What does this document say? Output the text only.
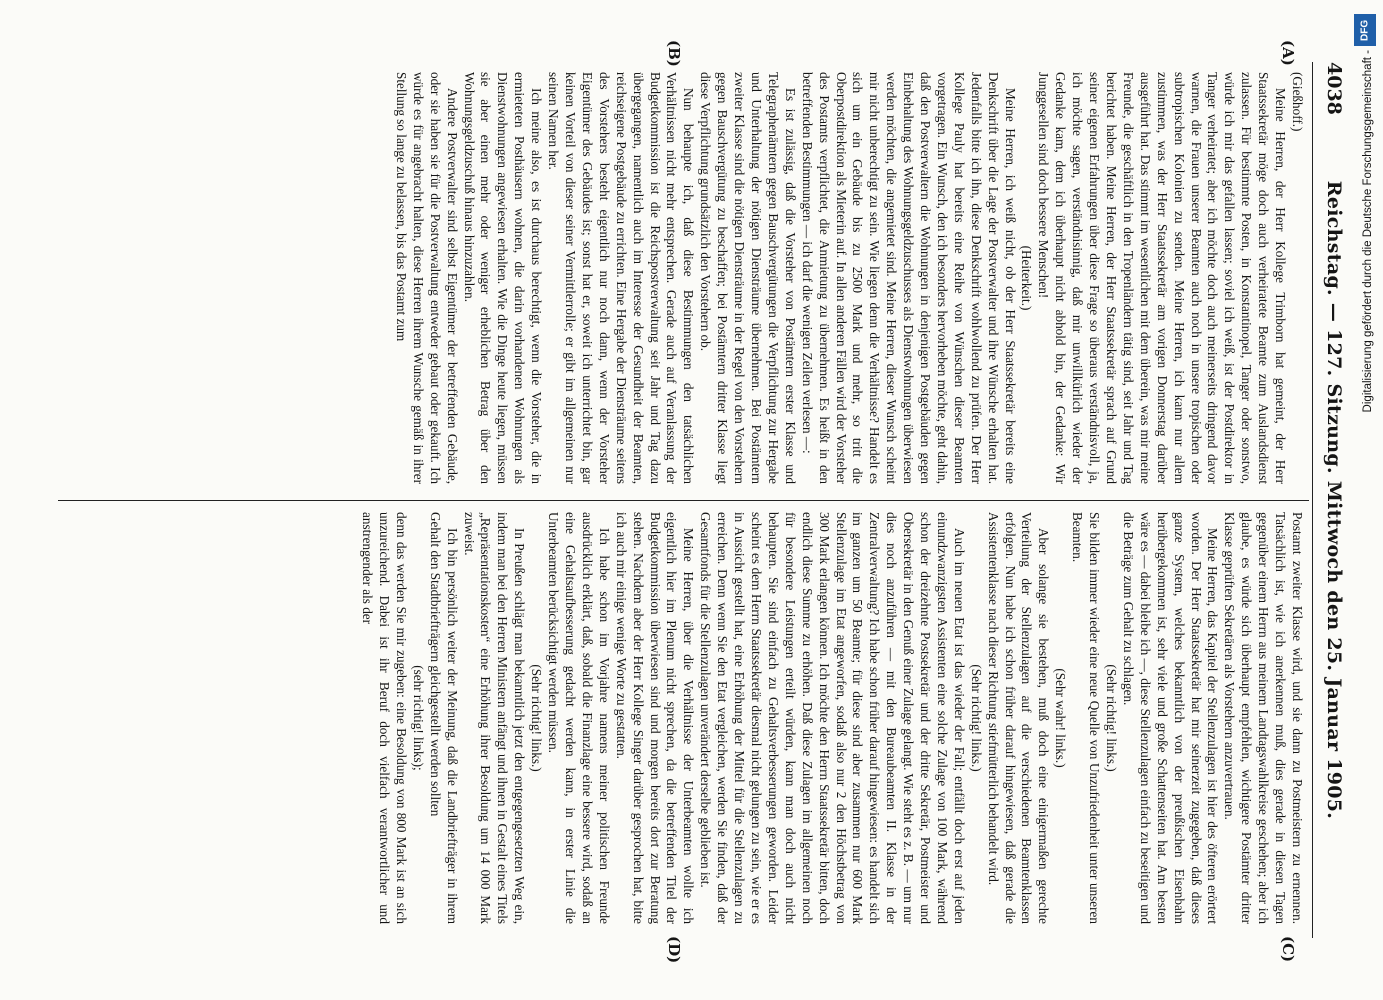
4038
Reichstag. — 127. Sitzung. Mittwoch den 25. Januar 1905.
(A)
(B)
(C)
(D)

(Gießhoff.)

Meine Herren, der Herr Kollege Trimborn hat gemeint, der Herr Staatssekretär möge doch auch verheiratete Beamte zum Auslandsdienst zulassen. Für bestimmte Posten, in Konstantinopel, Tanger oder sonstwo, würde ich mir das gefallen lassen; soviel ich weiß, ist der Postdirektor in Tanger verheiratet; aber ich möchte doch auch meinerseits dringend davor warnen, die Frauen unserer Beamten auch noch in unsere tropischen oder subtropischen Kolonien zu senden. Meine Herren, ich kann nur allem zustimmen, was der Herr Staatssekretär am vorigen Donnerstag darüber ausgeführt hat. Das stimmt im wesentlichen mit dem überein, was mir meine Freunde, die geschäftlich in den Tropenländern tätig sind, seit Jahr und Tag berichtet haben. Meine Herren, der Herr Staatssekretär sprach auf Grund seiner eigenen Erfahrungen über diese Frage so überaus verständnisvoll, ja, ich möchte sagen, verständnisinnig, daß mir unwillkürlich wieder der Gedanke kam, dem ich überhaupt nicht abhold bin, der Gedanke: Wir Junggesellen sind doch bessere Menschen!

(Heiterkeit.)

Meine Herren, ich weiß nicht, ob der Herr Staatssekretär bereits eine Denkschrift über die Lage der Postverwalter und ihre Wünsche erhalten hat. Jedenfalls bitte ich ihn, diese Denkschrift wohlwollend zu prüfen. Der Herr Kollege Pauly hat bereits eine Reihe von Wünschen dieser Beamten vorgetragen. Ein Wunsch, den ich besonders hervorheben möchte, geht dahin, daß den Postverwaltern die Wohnungen in denjenigen Postgebäuden gegen Einbehaltung des Wohnungsgeldzuschusses als Dienstwohnungen überwiesen werden möchten, die angemietet sind. Meine Herren, dieser Wunsch scheint mir nicht unberechtigt zu sein. Wie liegen denn die Verhältnisse? Handelt es sich um ein Gebäude bis zu 2500 Mark und mehr, so tritt die Oberpostdirektion als Mieterin auf. In allen anderen Fällen wird der Vorsteher des Postamts verpflichtet, die Anmietung zu übernehmen. Es heißt in den betreffenden Bestimmungen — ich darf die wenigen Zeilen verlesen —:

Es ist zulässig, daß die Vorsteher von Postämtern erster Klasse und Telegraphenämtern gegen Bauschvergütungen die Verpflichtung zur Hergabe und Unterhaltung der nötigen Diensträume übernehmen. Bei Postämtern zweiter Klasse sind die nötigen Diensträume in der Regel von den Vorstehern gegen Bauschvergütung zu beschaffen; bei Postämtern dritter Klasse liegt diese Verpflichtung grundsätzlich den Vorstehern ob.

Nun behaupte ich, daß diese Bestimmungen den tatsächlichen Verhältnissen nicht mehr entsprechen. Gerade auch auf Veranlassung der Budgetkommission ist die Reichspostverwaltung seit Jahr und Tag dazu übergegangen, namentlich auch im Interesse der Gesundheit der Beamten, reichseigene Postgebäude zu errichten. Eine Hergabe der Diensträume seitens des Vorstehers besteht eigentlich nur noch dann, wenn der Vorsteher Eigentümer des Gebäudes ist; sonst hat er, soweit ich unterrichtet bin, gar keinen Vorteil von dieser seiner Vermittlerrolle; er gibt im allgemeinen nur seinen Namen her.

Ich meine also, es ist durchaus berechtigt, wenn die Vorsteher, die in ermieteten Posthäusern wohnen, die darin vorhandenen Wohnungen als Dienstwohnungen angewiesen erhalten. Wie die Dinge heute liegen, müssen sie aber einen mehr oder weniger erheblichen Betrag über den Wohnungsgeldzuschuß hinaus hinzuzahlen.

Andere Postverwalter sind selbst Eigentümer der betreffenden Gebäude, oder sie haben sie für die Postverwaltung entweder gebaut oder gekauft. Ich würde es für angebracht halten, diese Herren ihrem Wunsche gemäß in ihrer Stellung so lange zu belassen, bis das Postamt zum

Postamt zweiter Klasse wird, und sie dann zu Postmeistern zu ernennen. Tatsächlich ist, wie ich anerkennen muß, dies gerade in diesen Tagen gegenüber einem Herrn aus meinem Landtagswahlkreise geschehen; aber ich glaube, es würde sich überhaupt empfehlen, wichtigere Postämter dritter Klasse geprüften Sekretären als Vorstehern anzuvertrauen.

Meine Herren, das Kapitel der Stellenzulagen ist hier des öfteren erörtert worden. Der Herr Staatssekretär hat mir seinerzeit zugegeben, daß dieses ganze System, welches bekanntlich von der preußischen Eisenbahn herübergekommen ist, sehr viele und große Schattenseiten hat. Am besten wäre es — dabei bleibe ich —, diese Stellenzulagen einfach zu beseitigen und die Beträge zum Gehalt zu schlagen.

(Sehr richtig! links.)

Sie bilden immer wieder eine neue Quelle von Unzufriedenheit unter unseren Beamten.

(Sehr wahr! links.)

Aber solange sie bestehen, muß doch eine einigermaßen gerechte Verteilung der Stellenzulagen auf die verschiedenen Beamtenklassen erfolgen. Nun habe ich schon früher darauf hingewiesen, daß gerade die Assistentenklasse nach dieser Richtung stiefmütterlich behandelt wird.

(Sehr richtig! links.)

Auch im neuen Etat ist das wieder der Fall; entfällt doch erst auf jeden einundzwanzigsten Assistenten eine solche Zulage von 100 Mark, während schon der dreizehnte Postsekretär und der dritte Sekretär, Postmeister und Obersekretär in den Genuß einer Zulage gelangt. Wie steht es z. B. — um nur dies noch anzuführen — mit den Bureaubeamten II. Klasse in der Zentralverwaltung? Ich habe schon früher darauf hingewiesen: es handelt sich im ganzen um 50 Beamte; für diese sind aber zusammen nur 600 Mark Stellenzulage im Etat angeworfen, sodaß also nur 2 den Höchstbetrag von 300 Mark erlangen können. Ich möchte den Herrn Staatssekretär bitten, doch endlich diese Summe zu erhöhen. Daß diese Zulagen im allgemeinen noch für besondere Leistungen erteilt würden, kann man doch auch nicht behaupten. Sie sind einfach zu Gehaltsverbesserungen geworden. Leider scheint es dem Herrn Staatssekretär diesmal nicht gelungen zu sein, wie er es in Aussicht gestellt hat, eine Erhöhung der Mittel für die Stellenzulagen zu erreichen. Denn wenn Sie den Etat vergleichen, werden Sie finden, daß der Gesamtfonds für die Stellenzulagen unverändert derselbe geblieben ist.

Meine Herren, über die Verhältnisse der Unterbeamten wollte ich eigentlich hier im Plenum nicht sprechen, da die betreffenden Titel der Budgetkommission überwiesen sind und morgen bereits dort zur Beratung stehen. Nachdem aber der Herr Kollege Singer darüber gesprochen hat, bitte ich auch mir einige wenige Worte zu gestatten.

Ich habe schon im Vorjahre namens meiner politischen Freunde ausdrücklich erklärt, daß, sobald die Finanzlage eine bessere wird, sodaß an eine Gehaltsaufbesserung gedacht werden kann, in erster Linie die Unterbeamten berücksichtigt werden müssen.

(Sehr richtig! links.)

In Preußen schlägt man bekanntlich jetzt den entgegengesetzten Weg ein, indem man bei den Herren Ministern anfängt und ihnen in Gestalt eines Titels „Repräsentationskosten“ eine Erhöhung ihrer Besoldung um 14 000 Mark zuweist.

Ich bin persönlich weiter der Meinung, daß die Landbriefträger in ihrem Gehalt den Stadtbriefträgern gleichgestellt werden sollten

(sehr richtig! links);

denn das werden Sie mir zugeben: eine Besoldung von 800 Mark ist an sich unzureichend. Dabei ist ihr Beruf doch vielfach verantwortlicher und anstrengender als der

DFG
Digitalisierung gefördert durch die Deutsche Forschungsgemeinschaft -
